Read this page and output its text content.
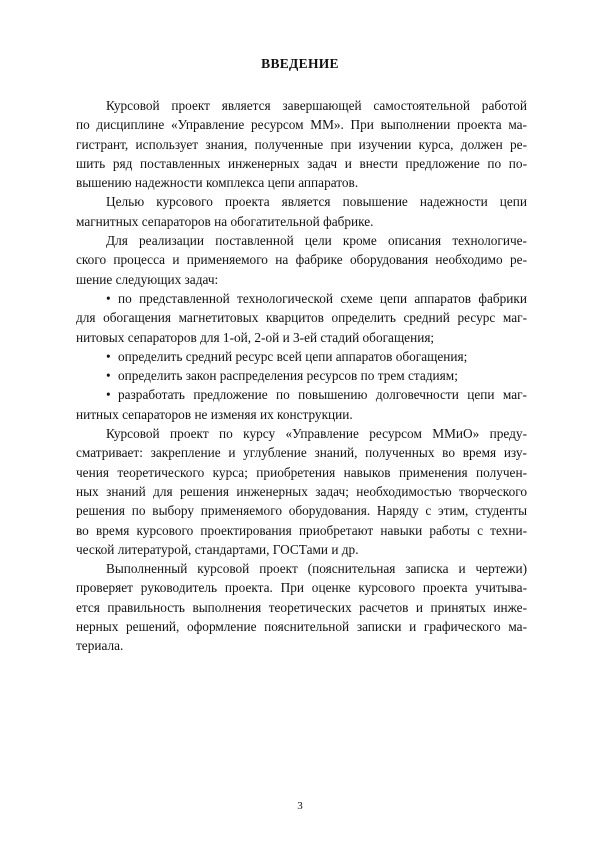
ВВЕДЕНИЕ
Курсовой проект является завершающей самостоятельной работой
по дисциплине «Управление ресурсом ММ». При выполнении проекта ма-
гистрант, использует знания, полученные при изучении курса, должен ре-
шить ряд поставленных инженерных задач и внести предложение по по-
вышению надежности комплекса цепи аппаратов.
Целью курсового проекта является повышение надежности цепи
магнитных сепараторов на обогатительной фабрике.
Для реализации поставленной цели кроме описания технологиче-
ского процесса и применяемого на фабрике оборудования необходимо ре-
шение следующих задач:
• по представленной технологической схеме цепи аппаратов фабрики
для обогащения магнетитовых кварцитов определить средний ресурс маг-
нитовых сепараторов для 1-ой, 2-ой и 3-ей стадий обогащения;
• определить средний ресурс всей цепи аппаратов обогащения;
• определить закон распределения ресурсов по трем стадиям;
• разработать предложение по повышению долговечности цепи маг-
нитных сепараторов не изменяя их конструкции.
Курсовой проект по курсу «Управление ресурсом ММиО» преду-
сматривает: закрепление и углубление знаний, полученных во время изу-
чения теоретического курса; приобретения навыков применения получен-
ных знаний для решения инженерных задач; необходимостью творческого
решения по выбору применяемого оборудования. Наряду с этим, студенты
во время курсового проектирования приобретают навыки работы с техни-
ческой литературой, стандартами, ГОСТами и др.
Выполненный курсовой проект (пояснительная записка и чертежи)
проверяет руководитель проекта. При оценке курсового проекта учитыва-
ется правильность выполнения теоретических расчетов и принятых инже-
нерных решений, оформление пояснительной записки и графического ма-
териала.
3
